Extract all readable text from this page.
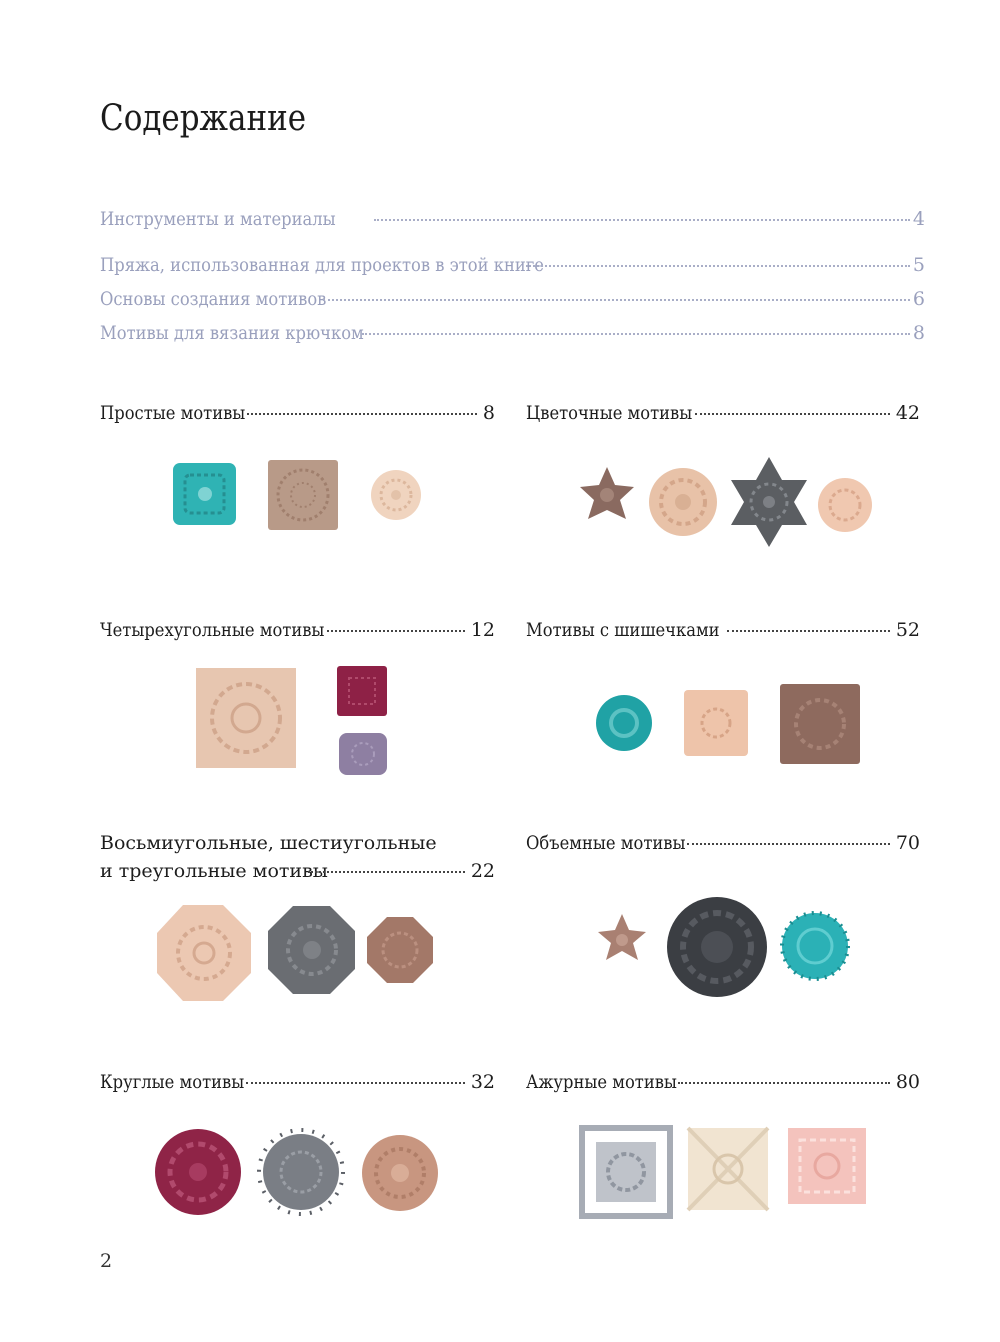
Содержание
Инструменты и материалы	4
Пряжа, использованная для проектов в этой книге	5
Основы создания мотивов	6
Мотивы для вязания крючком	8
Простые мотивы	8 Цветочные мотивы	42
Четырехугольные мотивы	12 Мотивы с шишечками	52
Восьмиугольные, шестиугольные
и треугольные мотивы	22
Объемные мотивы	70
Круглые мотивы	32 Ажурные мотивы	80
2
